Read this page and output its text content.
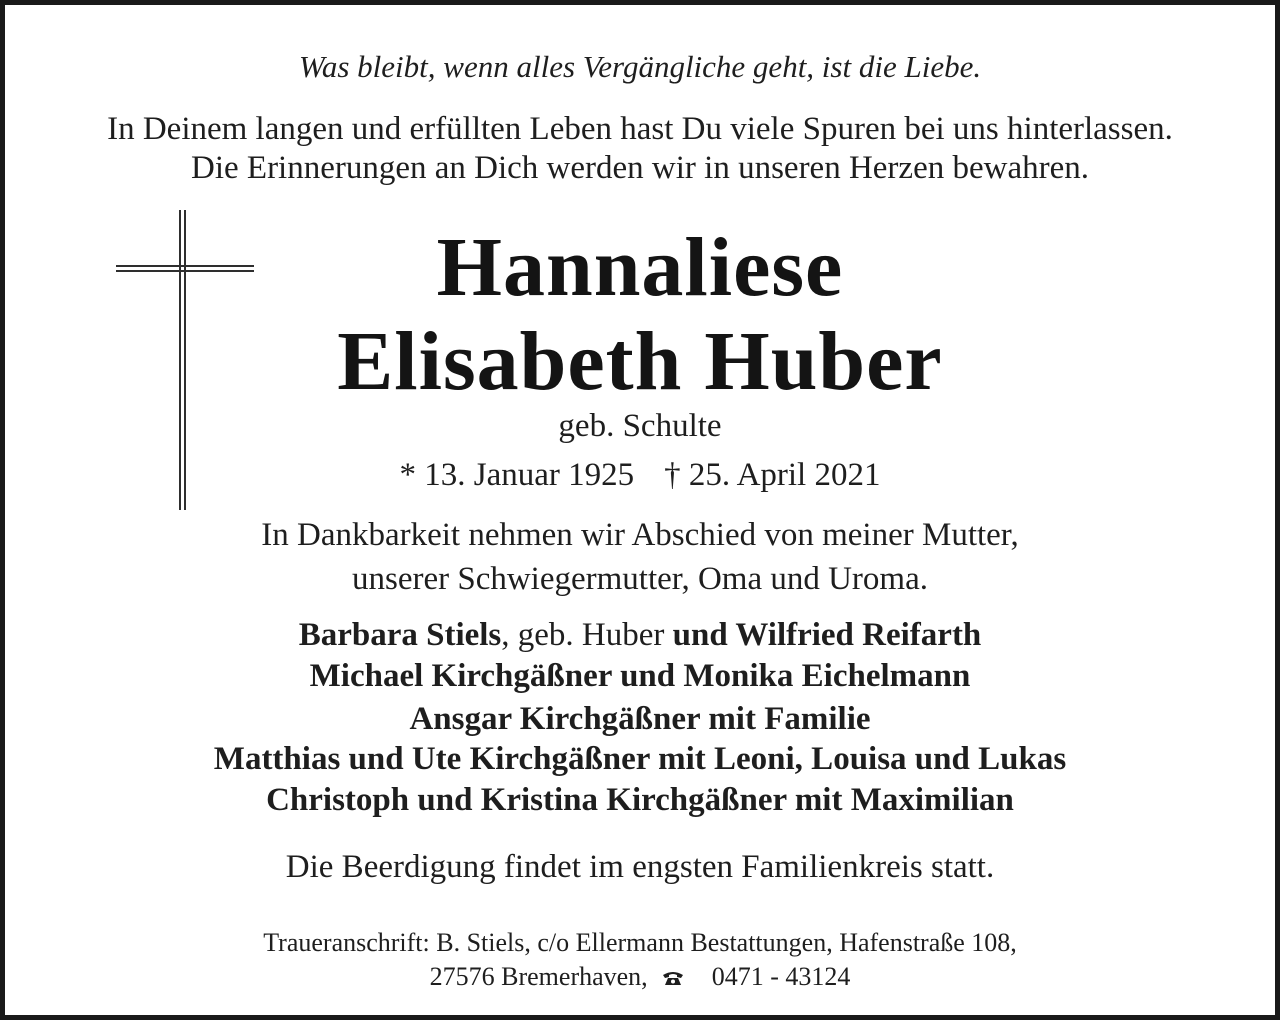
Was bleibt, wenn alles Vergängliche geht, ist die Liebe.
In Deinem langen und erfüllten Leben hast Du viele Spuren bei uns hinterlassen.
Die Erinnerungen an Dich werden wir in unseren Herzen bewahren.
Hannaliese
Elisabeth Huber
geb. Schulte
* 13. Januar 1925 † 25. April 2021
In Dankbarkeit nehmen wir Abschied von meiner Mutter,
unserer Schwiegermutter, Oma und Uroma.
Barbara Stiels, geb. Huber und Wilfried Reifarth
Michael Kirchgäßner und Monika Eichelmann
Ansgar Kirchgäßner mit Familie
Matthias und Ute Kirchgäßner mit Leoni, Louisa und Lukas
Christoph und Kristina Kirchgäßner mit Maximilian
Die Beerdigung findet im engsten Familienkreis statt.
Traueranschrift: B. Stiels, c/o Ellermann Bestattungen, Hafenstraße 108,
27576 Bremerhaven, 0471 - 43124
